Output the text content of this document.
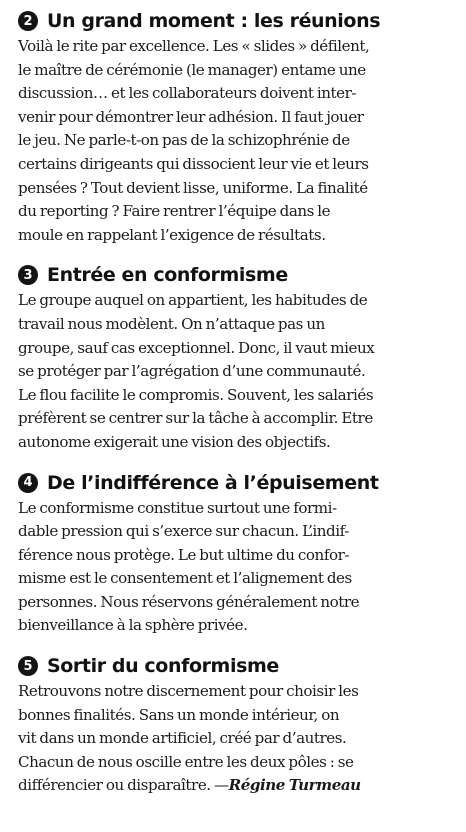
2 Un grand moment : les réunions
Voilà le rite par excellence. Les « slides » défilent,
le maître de cérémonie (le manager) entame une
discussion… et les collaborateurs doivent inter-
venir pour démontrer leur adhésion. Il faut jouer
le jeu. Ne parle-t-on pas de la schizophrénie de
certains dirigeants qui dissocient leur vie et leurs
pensées ? Tout devient lisse, uniforme. La finalité
du reporting ? Faire rentrer l’équipe dans le
moule en rappelant l’exigence de résultats.
3 Entrée en conformisme
Le groupe auquel on appartient, les habitudes de
travail nous modèlent. On n’attaque pas un
groupe, sauf cas exceptionnel. Donc, il vaut mieux
se protéger par l’agrégation d’une communauté.
Le flou facilite le compromis. Souvent, les salariés
préfèrent se centrer sur la tâche à accomplir. Etre
autonome exigerait une vision des objectifs.
4 De l’indifférence à l’épuisement
Le conformisme constitue surtout une formi-
dable pression qui s’exerce sur chacun. L’indif-
férence nous protège. Le but ultime du confor-
misme est le consentement et l’alignement des
personnes. Nous réservons généralement notre
bienveillance à la sphère privée.
5 Sortir du conformisme
Retrouvons notre discernement pour choisir les
bonnes finalités. Sans un monde intérieur, on
vit dans un monde artificiel, créé par d’autres.
Chacun de nous oscille entre les deux pôles : se
différencier ou disparaître. —Régine Turmeau
